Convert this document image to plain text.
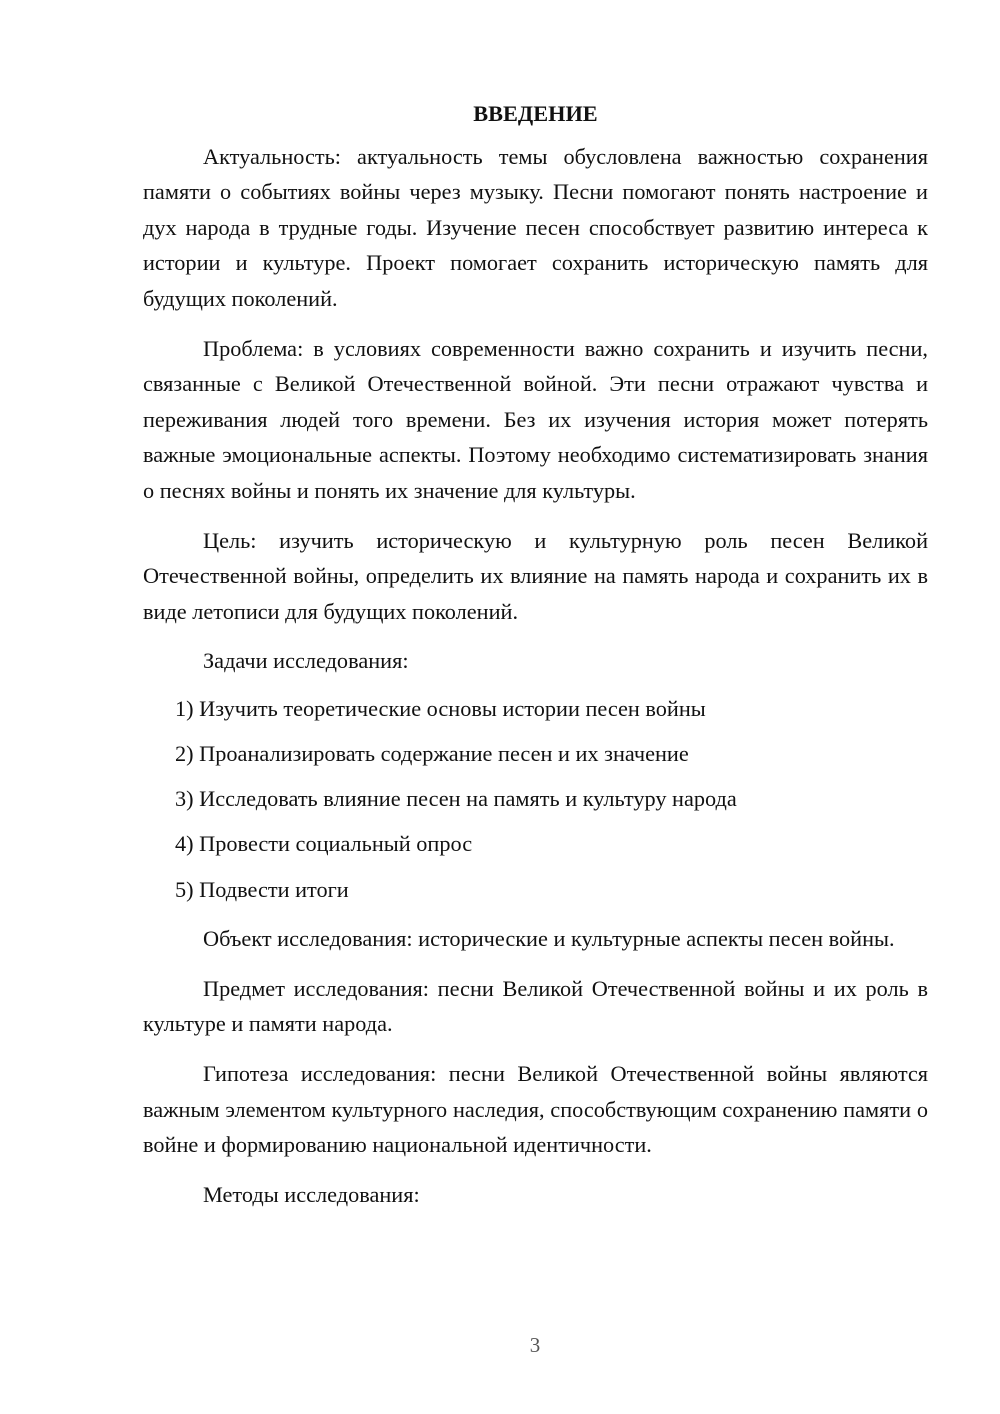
ВВЕДЕНИЕ

Актуальность: актуальность темы обусловлена важностью сохранения памяти о событиях войны через музыку. Песни помогают понять настроение и дух народа в трудные годы. Изучение песен способствует развитию интереса к истории и культуре. Проект помогает сохранить историческую память для будущих поколений.

Проблема: в условиях современности важно сохранить и изучить песни, связанные с Великой Отечественной войной. Эти песни отражают чувства и переживания людей того времени. Без их изучения история может потерять важные эмоциональные аспекты. Поэтому необходимо систематизировать знания о песнях войны и понять их значение для культуры.

Цель: изучить историческую и культурную роль песен Великой Отечественной войны, определить их влияние на память народа и сохранить их в виде летописи для будущих поколений.

Задачи исследования:

1) Изучить теоретические основы истории песен войны
2) Проанализировать содержание песен и их значение
3) Исследовать влияние песен на память и культуру народа
4) Провести социальный опрос
5) Подвести итоги

Объект исследования: исторические и культурные аспекты песен войны.

Предмет исследования: песни Великой Отечественной войны и их роль в культуре и памяти народа.

Гипотеза исследования: песни Великой Отечественной войны являются важным элементом культурного наследия, способствующим сохранению памяти о войне и формированию национальной идентичности.

Методы исследования:

3
